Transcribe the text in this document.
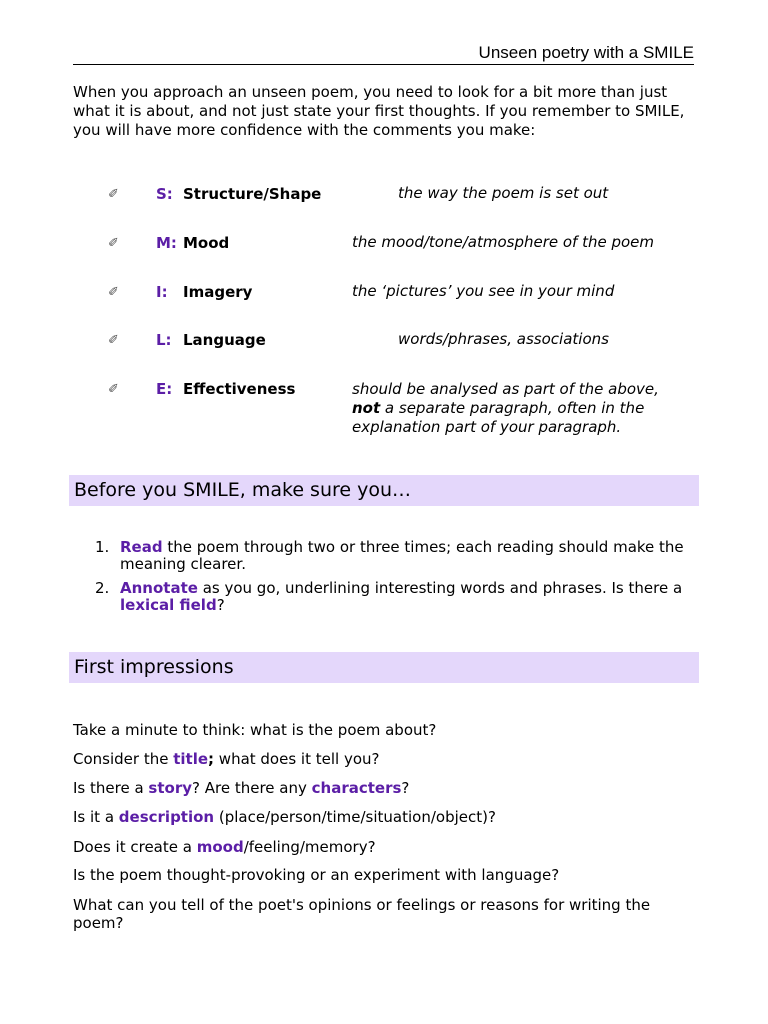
Unseen poetry with a SMILE
When you approach an unseen poem, you need to look for a bit more than just what it is about, and not just state your first thoughts. If you remember to SMILE, you will have more confidence with the comments you make:
✐	S: Structure/Shape	the way the poem is set out
✐	M: Mood	the mood/tone/atmosphere of the poem
✐	I: Imagery	the ‘pictures’ you see in your mind
✐	L: Language	words/phrases, associations
✐	E: Effectiveness	should be analysed as part of the above,
not a separate paragraph, often in the
explanation part of your paragraph.
Before you SMILE, make sure you…
1. Read the poem through two or three times; each reading should make the meaning clearer.
2. Annotate as you go, underlining interesting words and phrases. Is there a lexical field?
First impressions
Take a minute to think: what is the poem about?
Consider the title; what does it tell you?
Is there a story? Are there any characters?
Is it a description (place/person/time/situation/object)?
Does it create a mood/feeling/memory?
Is the poem thought-provoking or an experiment with language?
What can you tell of the poet's opinions or feelings or reasons for writing the poem?
